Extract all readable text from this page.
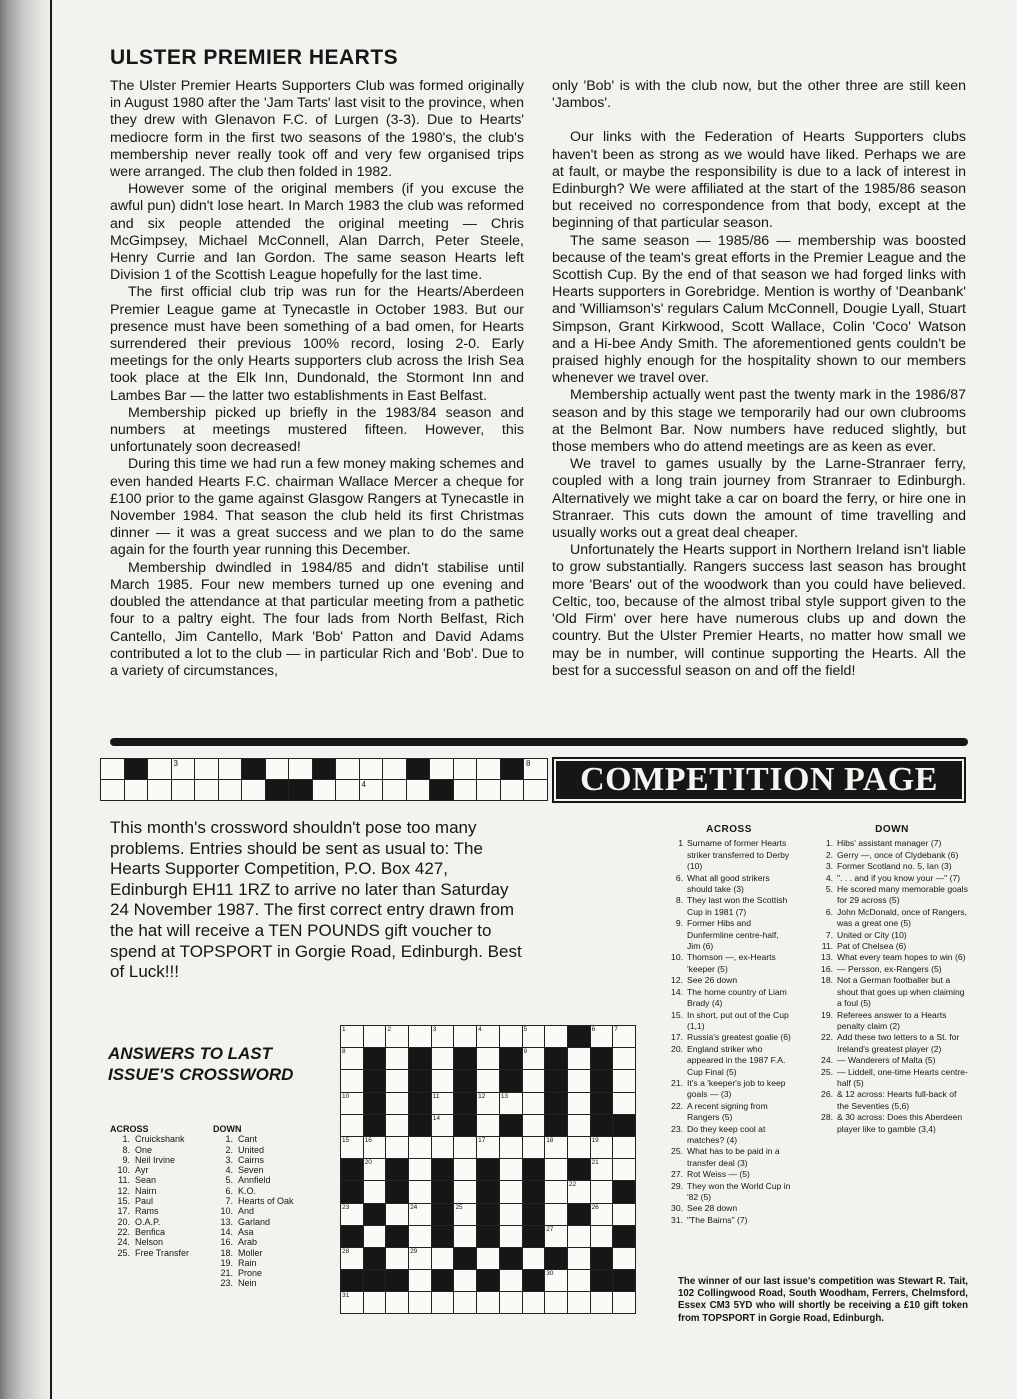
ULSTER PREMIER HEARTS

The Ulster Premier Hearts Supporters Club was formed originally in August 1980 after the 'Jam Tarts' last visit to the province, when they drew with Glenavon F.C. of Lurgen (3-3). Due to Hearts' mediocre form in the first two seasons of the 1980's, the club's membership never really took off and very few organised trips were arranged. The club then folded in 1982.

However some of the original members (if you excuse the awful pun) didn't lose heart. In March 1983 the club was reformed and six people attended the original meeting — Chris McGimpsey, Michael McConnell, Alan Darrch, Peter Steele, Henry Currie and Ian Gordon. The same season Hearts left Division 1 of the Scottish League hopefully for the last time.

The first official club trip was run for the Hearts/Aberdeen Premier League game at Tynecastle in October 1983. But our presence must have been something of a bad omen, for Hearts surrendered their previous 100% record, losing 2-0. Early meetings for the only Hearts supporters club across the Irish Sea took place at the Elk Inn, Dundonald, the Stormont Inn and Lambes Bar — the latter two establishments in East Belfast.

Membership picked up briefly in the 1983/84 season and numbers at meetings mustered fifteen. However, this unfortunately soon decreased!

During this time we had run a few money making schemes and even handed Hearts F.C. chairman Wallace Mercer a cheque for £100 prior to the game against Glasgow Rangers at Tynecastle in November 1984. That season the club held its first Christmas dinner — it was a great success and we plan to do the same again for the fourth year running this December.

Membership dwindled in 1984/85 and didn't stabilise until March 1985. Four new members turned up one evening and doubled the attendance at that particular meeting from a pathetic four to a paltry eight. The four lads from North Belfast, Rich Cantello, Jim Cantello, Mark 'Bob' Patton and David Adams contributed a lot to the club — in particular Rich and 'Bob'. Due to a variety of circumstances,

only 'Bob' is with the club now, but the other three are still keen 'Jambos'.

Our links with the Federation of Hearts Supporters clubs haven't been as strong as we would have liked. Perhaps we are at fault, or maybe the responsibility is due to a lack of interest in Edinburgh? We were affiliated at the start of the 1985/86 season but received no correspondence from that body, except at the beginning of that particular season.

The same season — 1985/86 — membership was boosted because of the team's great efforts in the Premier League and the Scottish Cup. By the end of that season we had forged links with Hearts supporters in Gorebridge. Mention is worthy of 'Deanbank' and 'Williamson's' regulars Calum McConnell, Dougie Lyall, Stuart Simpson, Grant Kirkwood, Scott Wallace, Colin 'Coco' Watson and a Hi-bee Andy Smith. The aforementioned gents couldn't be praised highly enough for the hospitality shown to our members whenever we travel over.

Membership actually went past the twenty mark in the 1986/87 season and by this stage we temporarily had our own clubrooms at the Belmont Bar. Now numbers have reduced slightly, but those members who do attend meetings are as keen as ever.

We travel to games usually by the Larne-Stranraer ferry, coupled with a long train journey from Stranraer to Edinburgh. Alternatively we might take a car on board the ferry, or hire one in Stranraer. This cuts down the amount of time travelling and usually works out a great deal cheaper.

Unfortunately the Hearts support in Northern Ireland isn't liable to grow substantially. Rangers success last season has brought more 'Bears' out of the woodwork than you could have believed. Celtic, too, because of the almost tribal style support given to the 'Old Firm' over here have numerous clubs up and down the country. But the Ulster Premier Hearts, no matter how small we may be in number, will continue supporting the Hearts. All the best for a successful season on and off the field!

1	3	8
4	COMPETITION PAGE

This month's crossword shouldn't pose too many problems. Entries should be sent as usual to: The Hearts Supporter Competition, P.O. Box 427, Edinburgh EH11 1RZ to arrive no later than Saturday 24 November 1987. The first correct entry drawn from the hat will receive a TEN POUNDS gift voucher to spend at TOPSPORT in Gorgie Road, Edinburgh. Best of Luck!!!

ANSWERS TO LAST ISSUE'S CROSSWORD
ACROSS
1. Cruickshank
8. One
9. Neil Irvine
10. Ayr
11. Sean
12. Nairn
15. Paul
17. Rams
20. O.A.P.
22. Benfica
24. Nelson
25. Free Transfer
DOWN
1. Cant
2. United
3. Cairns
4. Seven
5. Annfield
6. K.O.
7. Hearts of Oak
10. And
13. Garland
14. Asa
16. Arab
18. Moller
19. Rain
21. Prone
23. Nein
1	2	3	4	5	6	7
8	9
10	11	12 13
14
15 16	17	18	19
20	21
22
23	24	25	26
27
28	29
30
31
ACROSS
1 Surname of former Hearts striker transferred to Derby (10)
6. What all good strikers should take (3)
8. They last won the Scottish Cup in 1981 (7)
9. Former Hibs and Dunfermline centre-half, Jim (6)
10. Thomson —, ex-Hearts 'keeper (5)
12. See 26 down
14. The home country of Liam Brady (4)
15. In short, put out of the Cup (1,1)
17. Russia's greatest goalie (6)
20. England striker who appeared in the 1987 F.A. Cup Final (5)
21. It's a 'keeper's job to keep goals — (3)
22. A recent signing from Rangers (5)
23. Do they keep cool at matches? (4)
25. What has to be paid in a transfer deal (3)
27. Rot Weiss — (5)
29. They won the World Cup in '82 (5)
30. See 28 down
31. "The Bairns" (7)
DOWN
1. Hibs' assistant manager (7)
2. Gerry —, once of Clydebank (6)
3. Former Scotland no. 5, Ian (3)
4. ". . . and if you know your —" (7)
5. He scored many memorable goals for 29 across (5)
6. John McDonald, once of Rangers, was a great one (5)
7. United or City (10)
11. Pat of Chelsea (6)
13. What every team hopes to win (6)
16. — Persson, ex-Rangers (5)
18. Not a German footballer but a shout that goes up when claiming a foul (5)
19. Referees answer to a Hearts penalty claim (2)
22. Add these two letters to a St. for Ireland's greatest player (2)
24. — Wanderers of Malta (5)
25. — Liddell, one-time Hearts centre-half (5)
26. & 12 across: Hearts full-back of the Seventies (5,6)
28. & 30 across: Does this Aberdeen player like to gamble (3,4)

The winner of our last issue's competition was Stewart R. Tait, 102 Collingwood Road, South Woodham, Ferrers, Chelmsford, Essex CM3 5YD who will shortly be receiving a £10 gift token from TOPSPORT in Gorgie Road, Edinburgh.
